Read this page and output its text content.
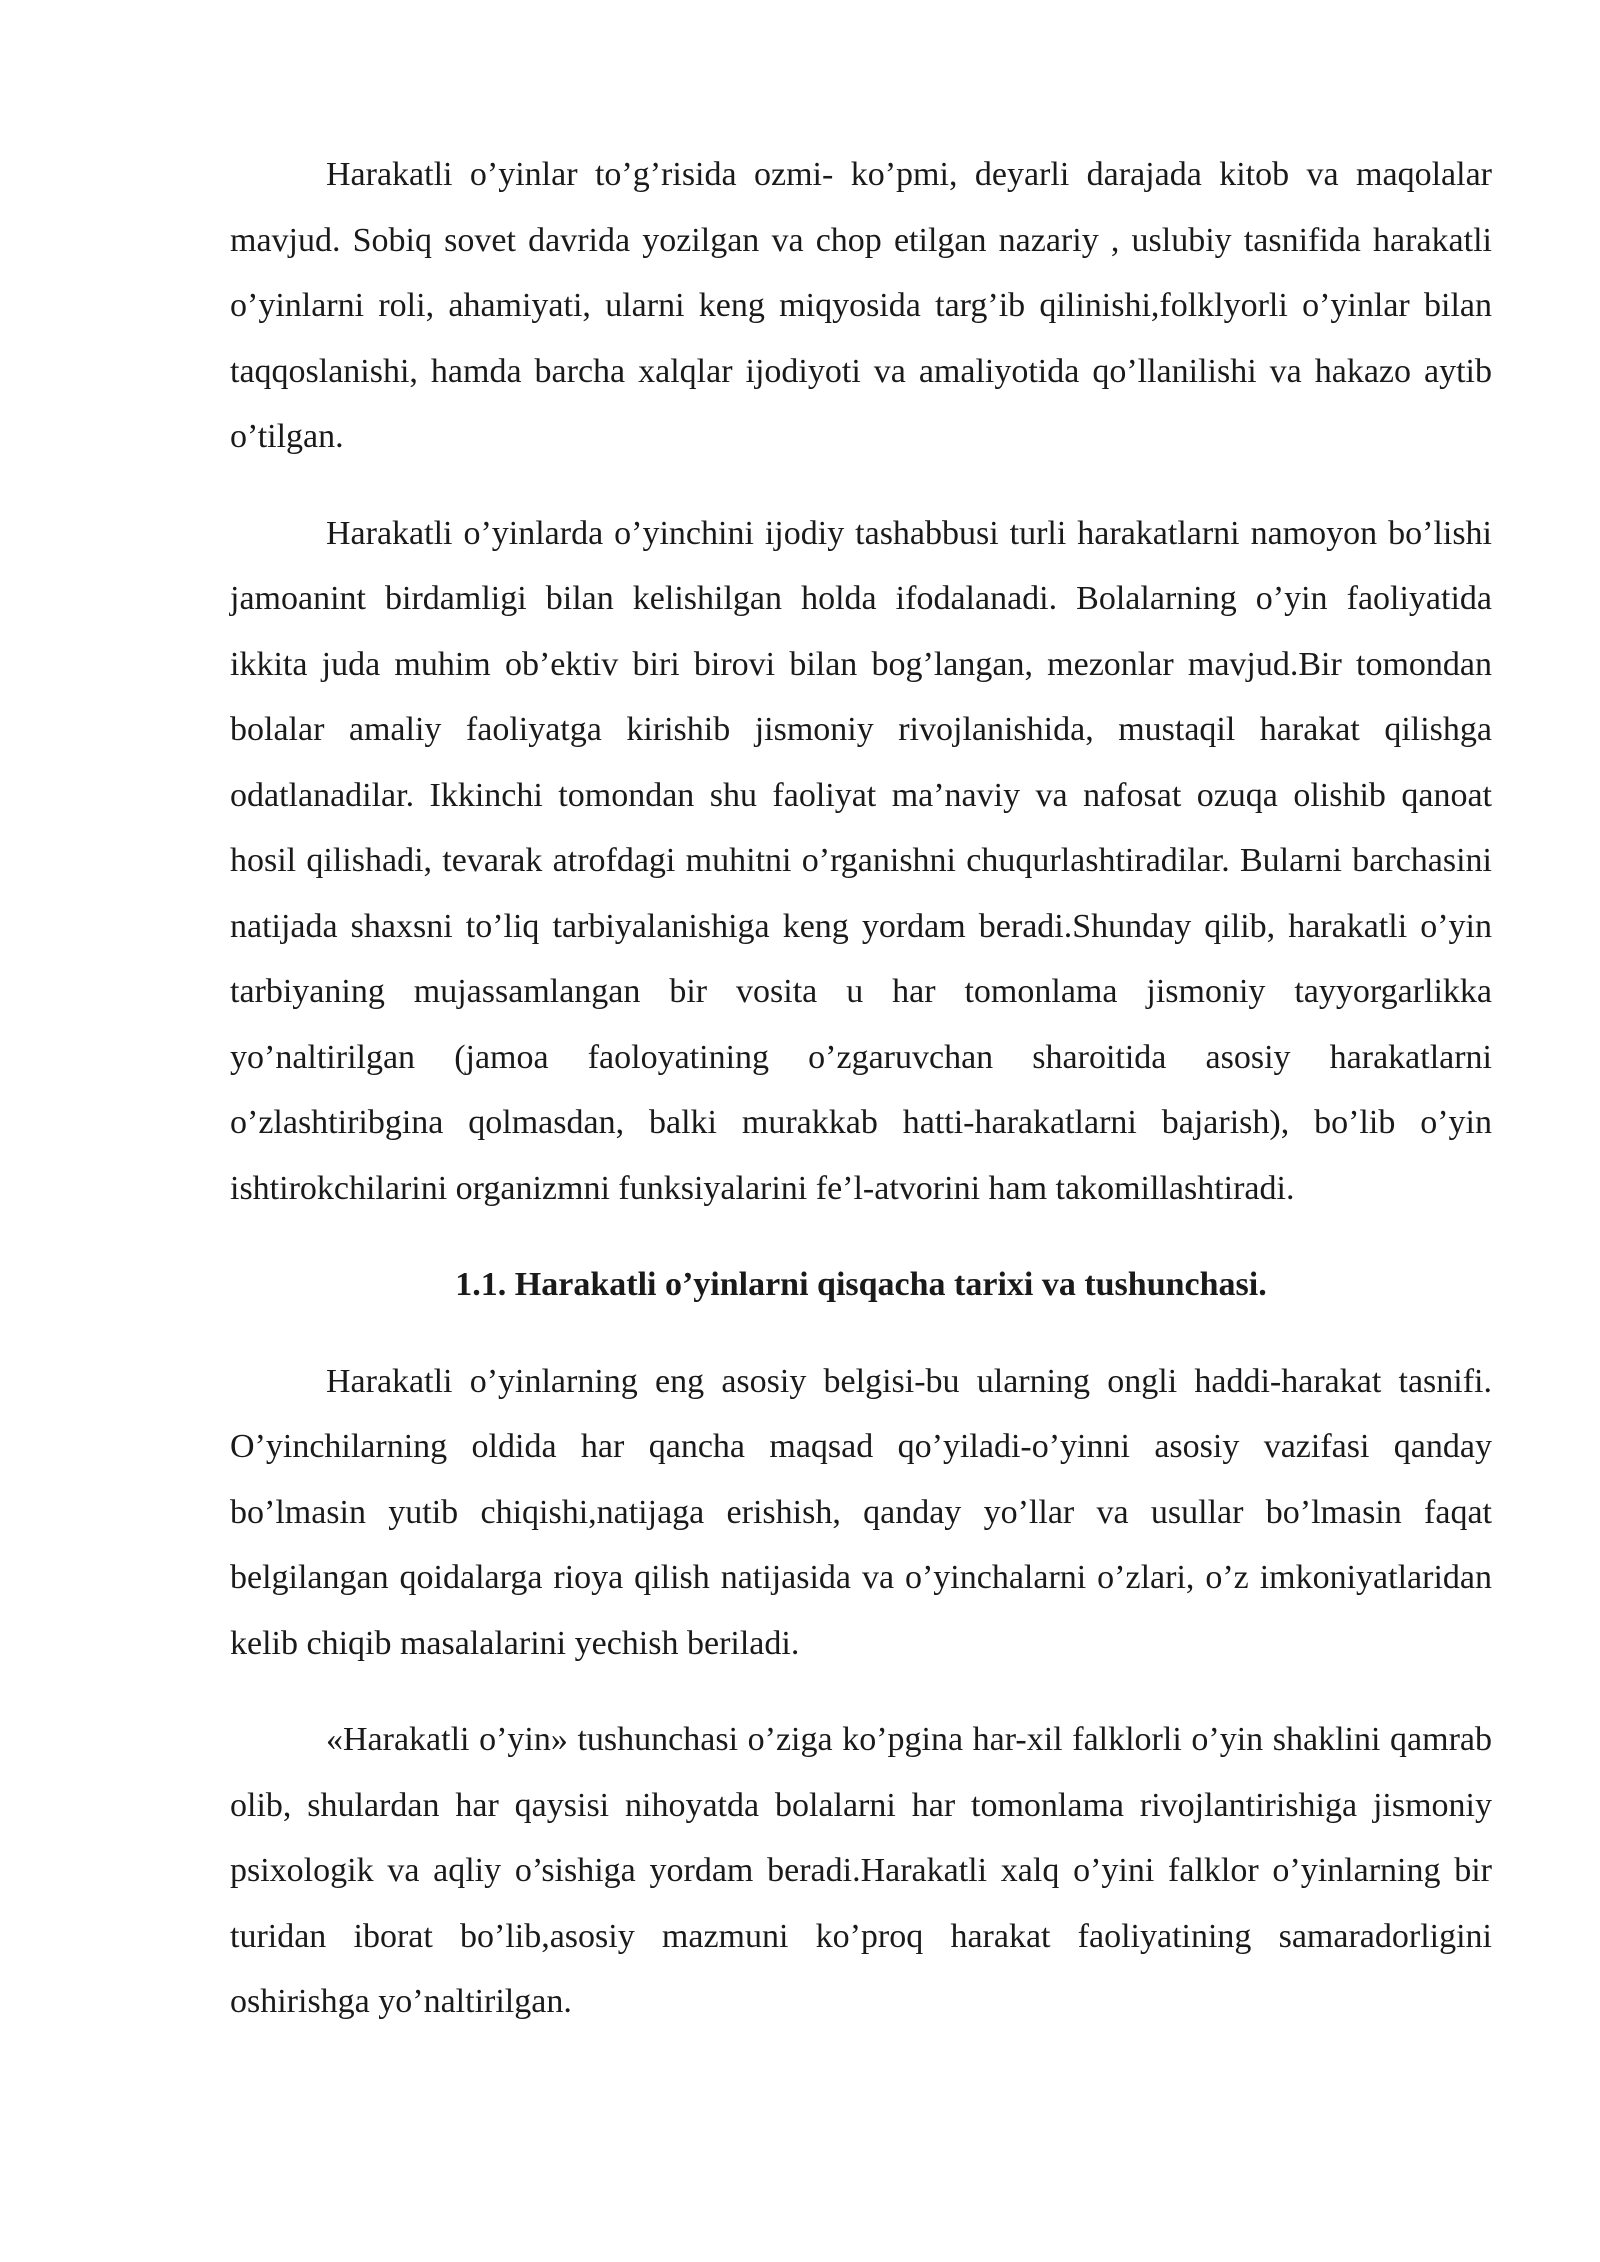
Harakatli o’yinlar to’g’risida ozmi- ko’pmi, deyarli darajada kitob va maqolalar mavjud. Sobiq sovet davrida yozilgan va chop etilgan nazariy , uslubiy tasnifida harakatli o’yinlarni roli, ahamiyati, ularni keng miqyosida targ’ib qilinishi,folklyorli o’yinlar bilan taqqoslanishi, hamda barcha xalqlar ijodiyoti va amaliyotida qo’llanilishi va hakazo aytib o’tilgan.

Harakatli o’yinlarda o’yinchini ijodiy tashabbusi turli harakatlarni namoyon bo’lishi jamoanint birdamligi bilan kelishilgan holda ifodalanadi. Bolalarning o’yin faoliyatida ikkita juda muhim ob’ektiv biri birovi bilan bog’langan, mezonlar mavjud.Bir tomondan bolalar amaliy faoliyatga kirishib jismoniy rivojlanishida, mustaqil harakat qilishga odatlanadilar. Ikkinchi tomondan shu faoliyat ma’naviy va nafosat ozuqa olishib qanoat hosil qilishadi, tevarak atrofdagi muhitni o’rganishni chuqurlashtiradilar. Bularni barchasini natijada shaxsni to’liq tarbiyalanishiga keng yordam beradi.Shunday qilib, harakatli o’yin tarbiyaning mujassamlangan bir vosita u har tomonlama jismoniy tayyorgarlikka yo’naltirilgan (jamoa faoloyatining o’zgaruvchan sharoitida asosiy harakatlarni o’zlashtiribgina qolmasdan, balki murakkab hatti-harakatlarni bajarish), bo’lib o’yin ishtirokchilarini organizmni funksiyalarini fe’l-atvorini ham takomillashtiradi.

1.1. Harakatli o’yinlarni qisqacha tarixi va tushunchasi.

Harakatli o’yinlarning eng asosiy belgisi-bu ularning ongli haddi-harakat tasnifi. O’yinchilarning oldida har qancha maqsad qo’yiladi-o’yinni asosiy vazifasi qanday bo’lmasin yutib chiqishi,natijaga erishish, qanday yo’llar va usullar bo’lmasin faqat belgilangan qoidalarga rioya qilish natijasida va o’yinchalarni o’zlari, o’z imkoniyatlaridan kelib chiqib masalalarini yechish beriladi.

«Harakatli o’yin» tushunchasi o’ziga ko’pgina har-xil falklorli o’yin shaklini qamrab olib, shulardan har qaysisi nihoyatda bolalarni har tomonlama rivojlantirishiga jismoniy psixologik va aqliy o’sishiga yordam beradi.Harakatli xalq o’yini falklor o’yinlarning bir turidan iborat bo’lib,asosiy mazmuni ko’proq harakat faoliyatining samaradorligini oshirishga yo’naltirilgan.
